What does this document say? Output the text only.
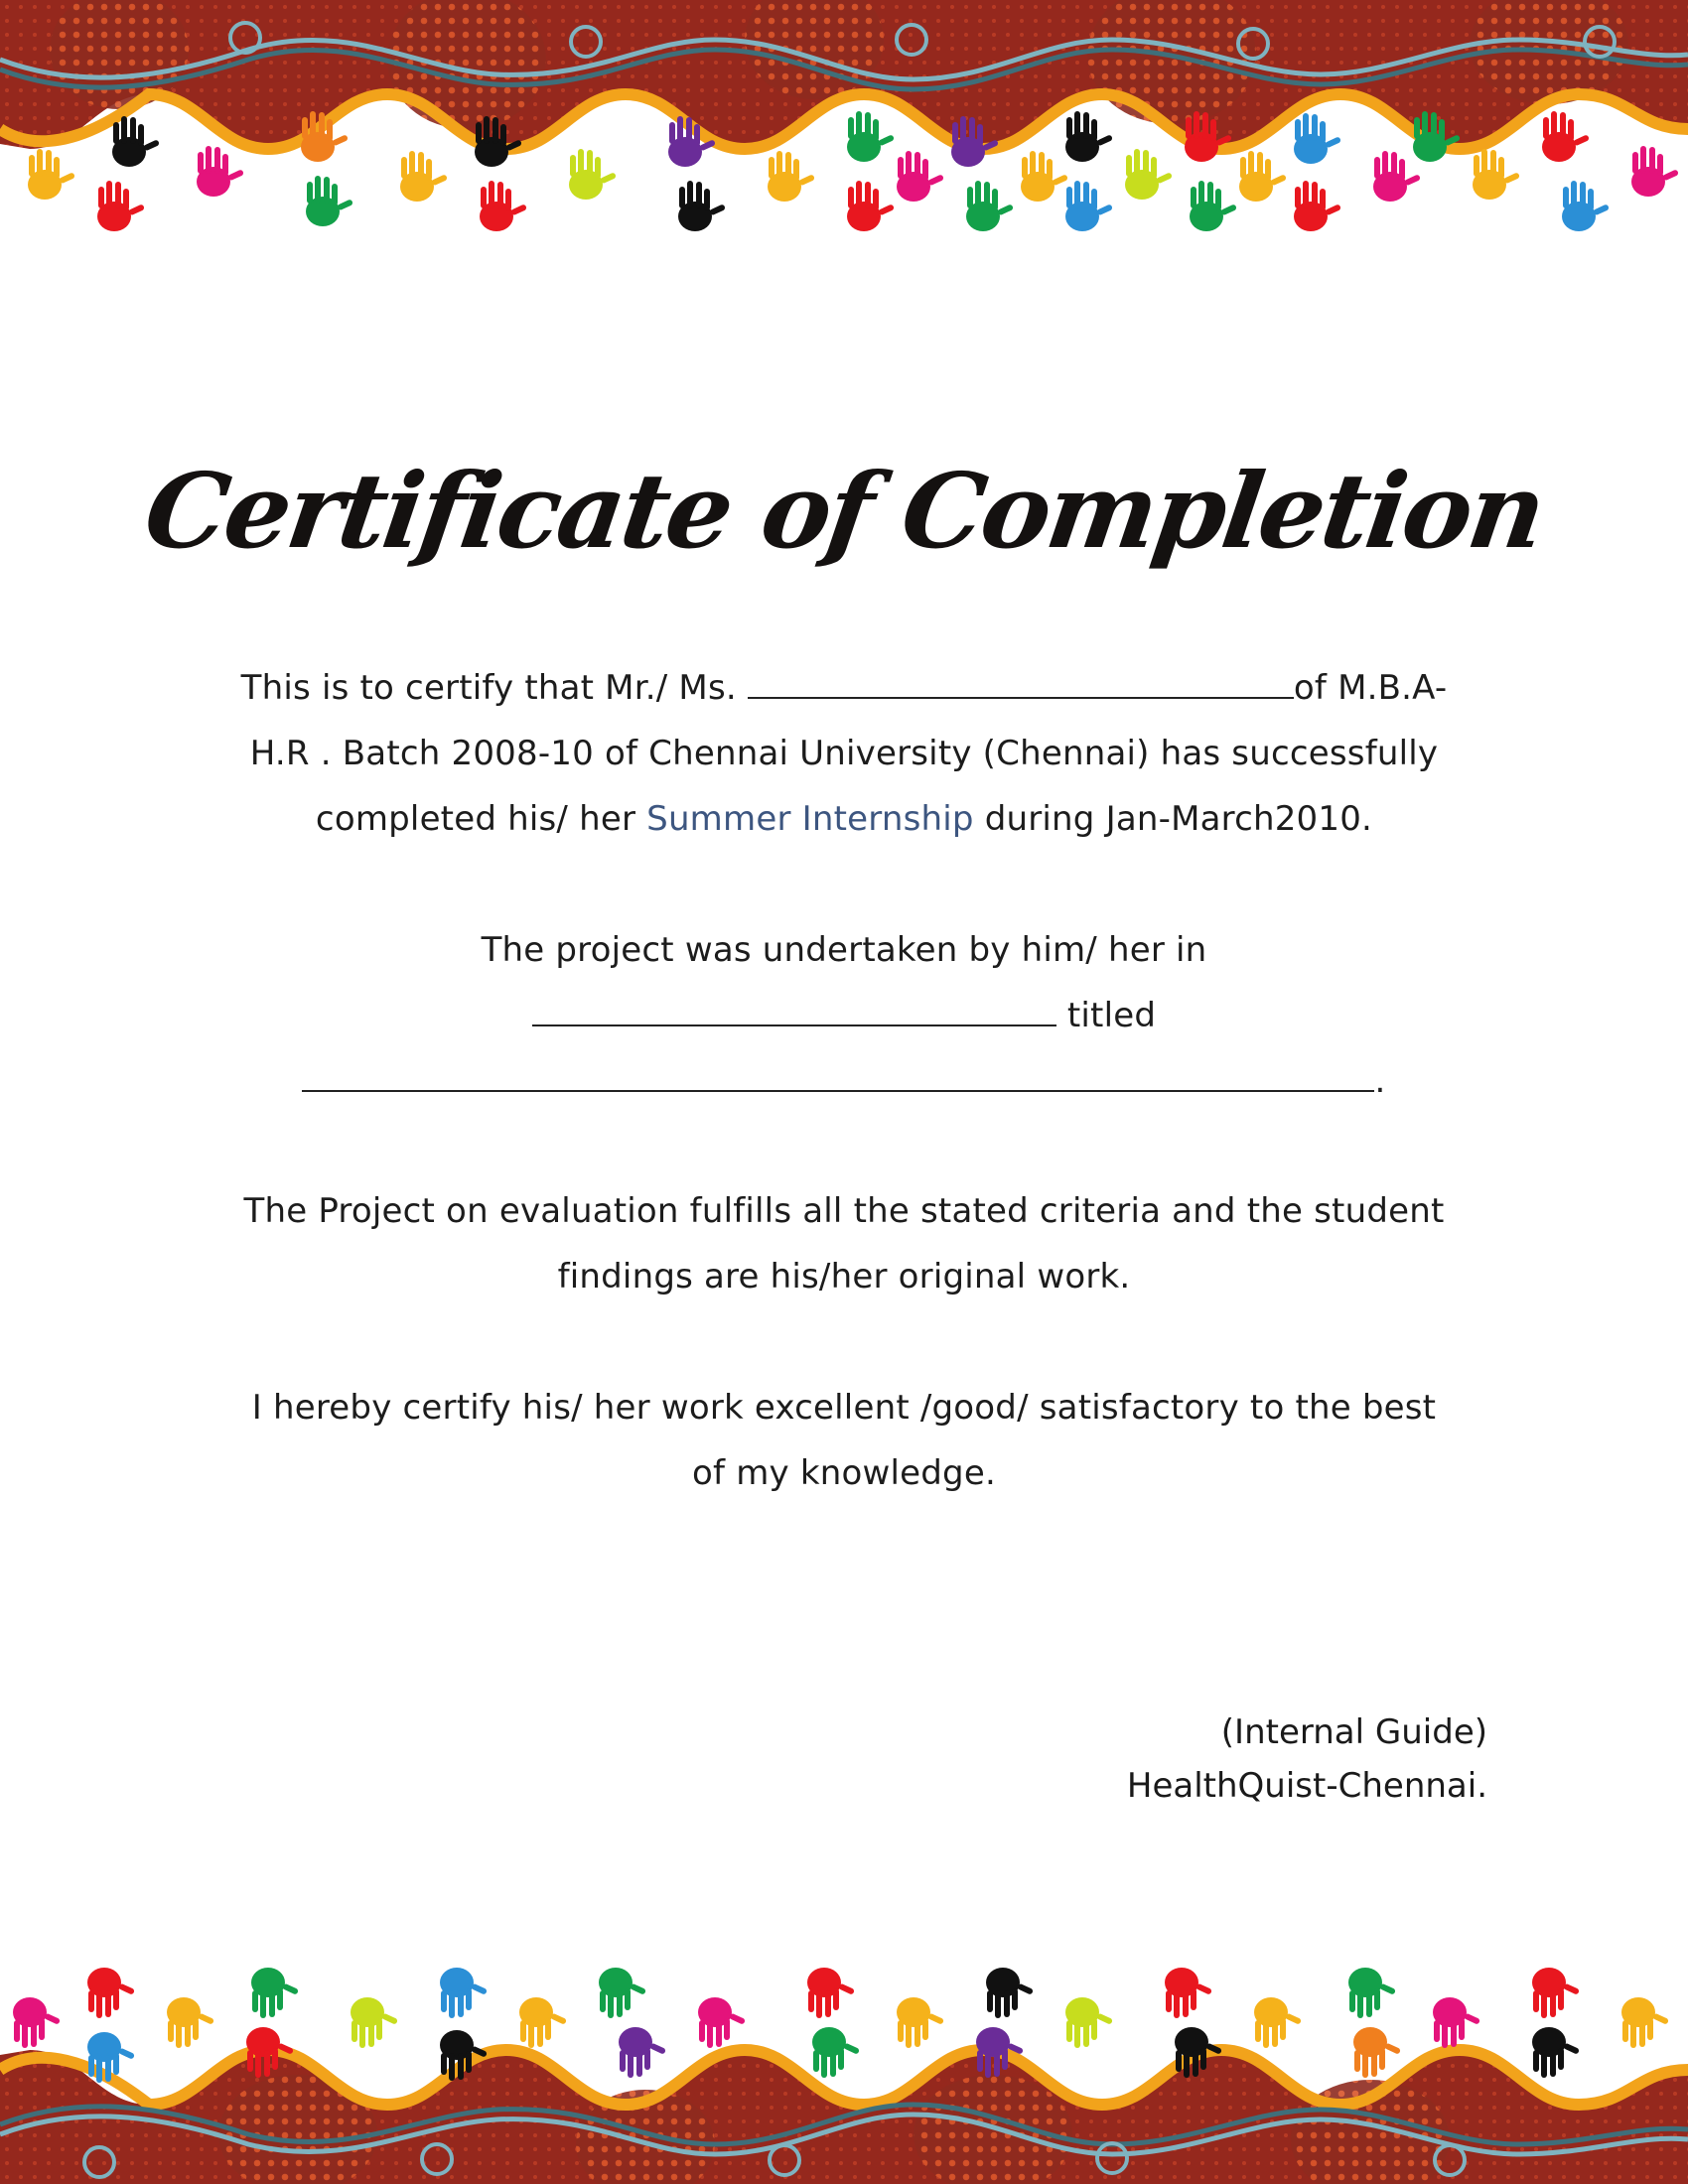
Certificate of Completion
This is to certify that Mr./ Ms.	of M.B.A-
H.R . Batch 2008-10 of Chennai University (Chennai) has successfully
completed his/ her Summer Internship during Jan-March2010.
The project was undertaken by him/ her in
titled
.
The Project on evaluation fulfills all the stated criteria and the student
findings are his/her original work.
I hereby certify his/ her work excellent /good/ satisfactory to the best
of my knowledge.
(Internal Guide)
HealthQuist-Chennai.
